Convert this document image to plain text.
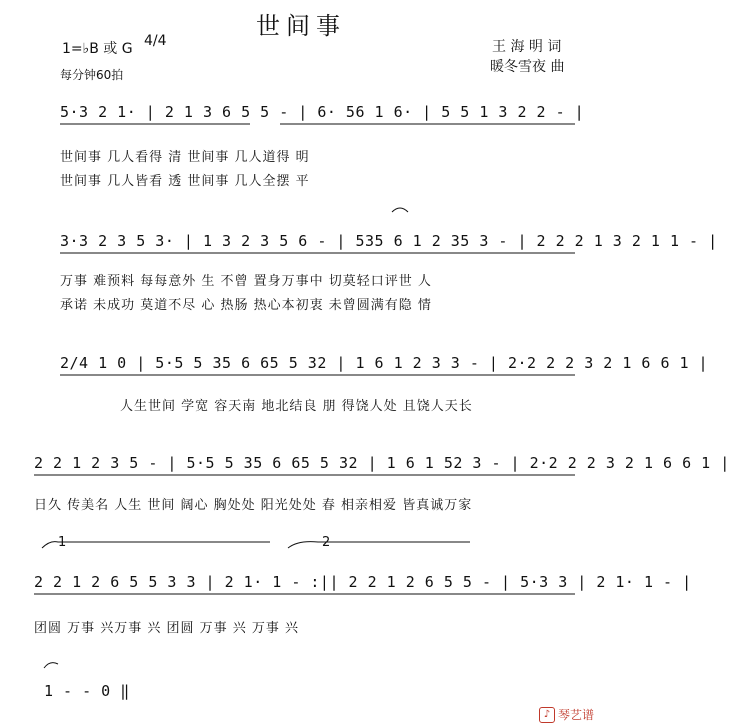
世间事
1=♭B 或 G 4/4
每分钟60拍
王 海 明 词
暖冬雪夜 曲
5·3 2 1· | 2 1 3 6 5 5 - | 6· 56 1 6· | 5 5 1 3 2 2 - |
世间事 几人看得 清 世间事 几人道得 明
世间事 几人皆看 透 世间事 几人全摆 平
3·3 2 3 5 3· | 1 3 2 3 5 6 - | 535 6 1 2 35 3 - | 2 2 2 1 3 2 1 1 - |
万事 难预料 每每意外 生 不曾 置身万事中 切莫轻口评世 人
承诺 未成功 莫道不尽 心 热肠 热心本初衷 未曾圆满有隐 情
2/4 1 0 | 5·5 5 35 6 65 5 32 | 1 6 1 2 3 3 - | 2·2 2 2 3 2 1 6 6 1 |
人生世间 学宽 容天南 地北结良 朋 得饶人处 且饶人天长
2 2 1 2 3 5 - | 5·5 5 35 6 65 5 32 | 1 6 1 52 3 - | 2·2 2 2 3 2 1 6 6 1 |
日久 传美名 人生 世间 阔心 胸处处 阳光处处 春 相亲相爱 皆真诚万家
1	2
2 2 1 2 6 5 5 3 3 | 2 1· 1 - :|| 2 2 1 2 6 5 5 - | 5·3 3 | 2 1· 1 - |
团圆 万事 兴万事 兴 团圆 万事 兴 万事 兴
1 - - 0 ‖
♪ 琴艺谱
